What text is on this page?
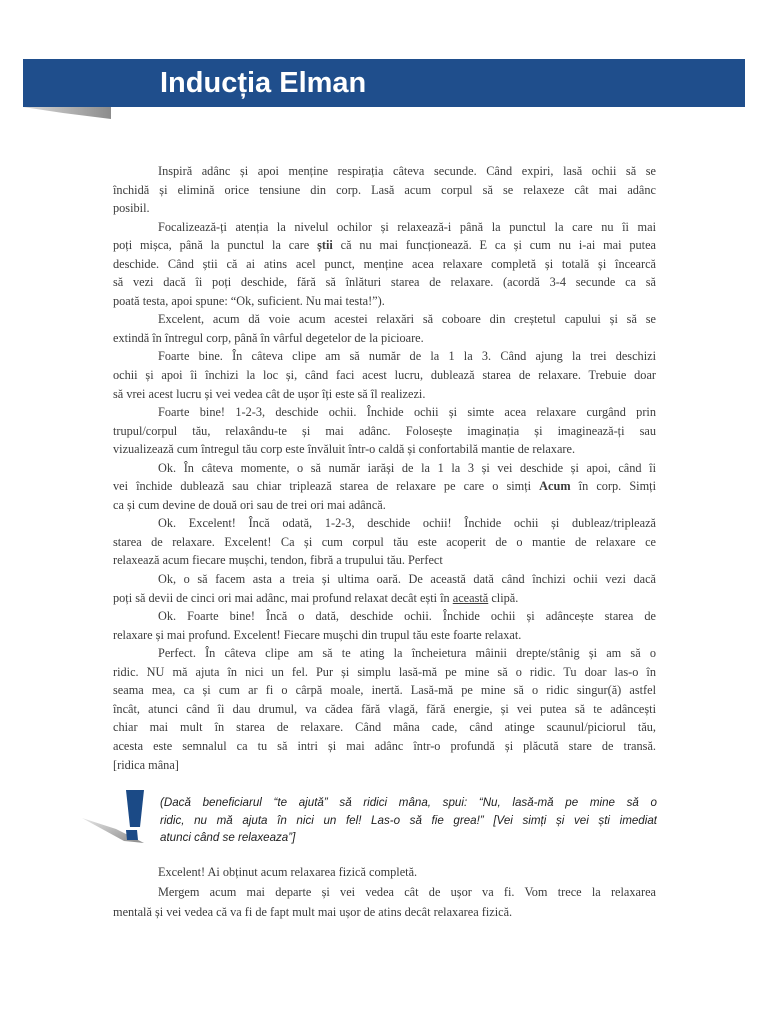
Inducția Elman
Inspiră adânc și apoi menține respirația câteva secunde. Când expiri, lasă ochii să se
închidă și elimină orice tensiune din corp. Lasă acum corpul să se relaxeze cât mai adânc
posibil.
Focalizează-ți atenția la nivelul ochilor și relaxează-i până la punctul la care nu îi mai
poți mișca, până la punctul la care știi că nu mai funcționează. E ca și cum nu i-ai mai putea
deschide. Când știi că ai atins acel punct, menține acea relaxare completă și totală și încearcă
să vezi dacă îi poți deschide, fără să înlături starea de relaxare. (acordă 3-4 secunde ca să
poată testa, apoi spune: “Ok, suficient. Nu mai testa!”).
Excelent, acum dă voie acum acestei relaxări să coboare din creștetul capului și să se
extindă în întregul corp, până în vârful degetelor de la picioare.
Foarte bine. În câteva clipe am să număr de la 1 la 3. Când ajung la trei deschizi
ochii și apoi îi închizi la loc și, când faci acest lucru, dublează starea de relaxare. Trebuie doar
să vrei acest lucru și vei vedea cât de ușor îți este să îl realizezi.
Foarte bine! 1-2-3, deschide ochii. Închide ochii și simte acea relaxare curgând prin
trupul/corpul tău, relaxându-te și mai adânc. Folosește imaginația și imaginează-ți sau
vizualizează cum întregul tău corp este învăluit într-o caldă și confortabilă mantie de relaxare.
Ok. În câteva momente, o să număr iarăși de la 1 la 3 și vei deschide și apoi, când îi
vei închide dublează sau chiar triplează starea de relaxare pe care o simți Acum în corp. Simți
ca și cum devine de două ori sau de trei ori mai adâncă.
Ok. Excelent! Încă odată, 1-2-3, deschide ochii! Închide ochii și dubleaz/triplează
starea de relaxare. Excelent! Ca și cum corpul tău este acoperit de o mantie de relaxare ce
relaxează acum fiecare mușchi, tendon, fibră a trupului tău. Perfect
Ok, o să facem asta a treia și ultima oară. De această dată când închizi ochii vezi dacă
poți să devii de cinci ori mai adânc, mai profund relaxat decât ești în această clipă.
Ok. Foarte bine! Încă o dată, deschide ochii. Închide ochii și adâncește starea de
relaxare și mai profund. Excelent! Fiecare mușchi din trupul tău este foarte relaxat.
Perfect. În câteva clipe am să te ating la încheietura mâinii drepte/stânig și am să o
ridic. NU mă ajuta în nici un fel. Pur și simplu lasă-mă pe mine să o ridic. Tu doar las-o în
seama mea, ca și cum ar fi o cârpă moale, inertă. Lasă-mă pe mine să o ridic singur(ă) astfel
încât, atunci când îi dau drumul, va cădea fără vlagă, fără energie, și vei putea să te adâncești
chiar mai mult în starea de relaxare. Când mâna cade, când atinge scaunul/piciorul tău,
acesta este semnalul ca tu să intri și mai adânc într-o profundă și plăcută stare de transă.
[ridica mâna]
(Dacă beneficiarul “te ajută” să ridici mâna, spui: “Nu, lasă-mă pe mine să o
ridic, nu mă ajuta în nici un fel! Las-o să fie grea!” [Vei simți și vei ști imediat
atunci când se relaxeaza”]
Excelent! Ai obținut acum relaxarea fizică completă.
Mergem acum mai departe și vei vedea cât de ușor va fi. Vom trece la relaxarea
mentală și vei vedea că va fi de fapt mult mai ușor de atins decât relaxarea fizică.
